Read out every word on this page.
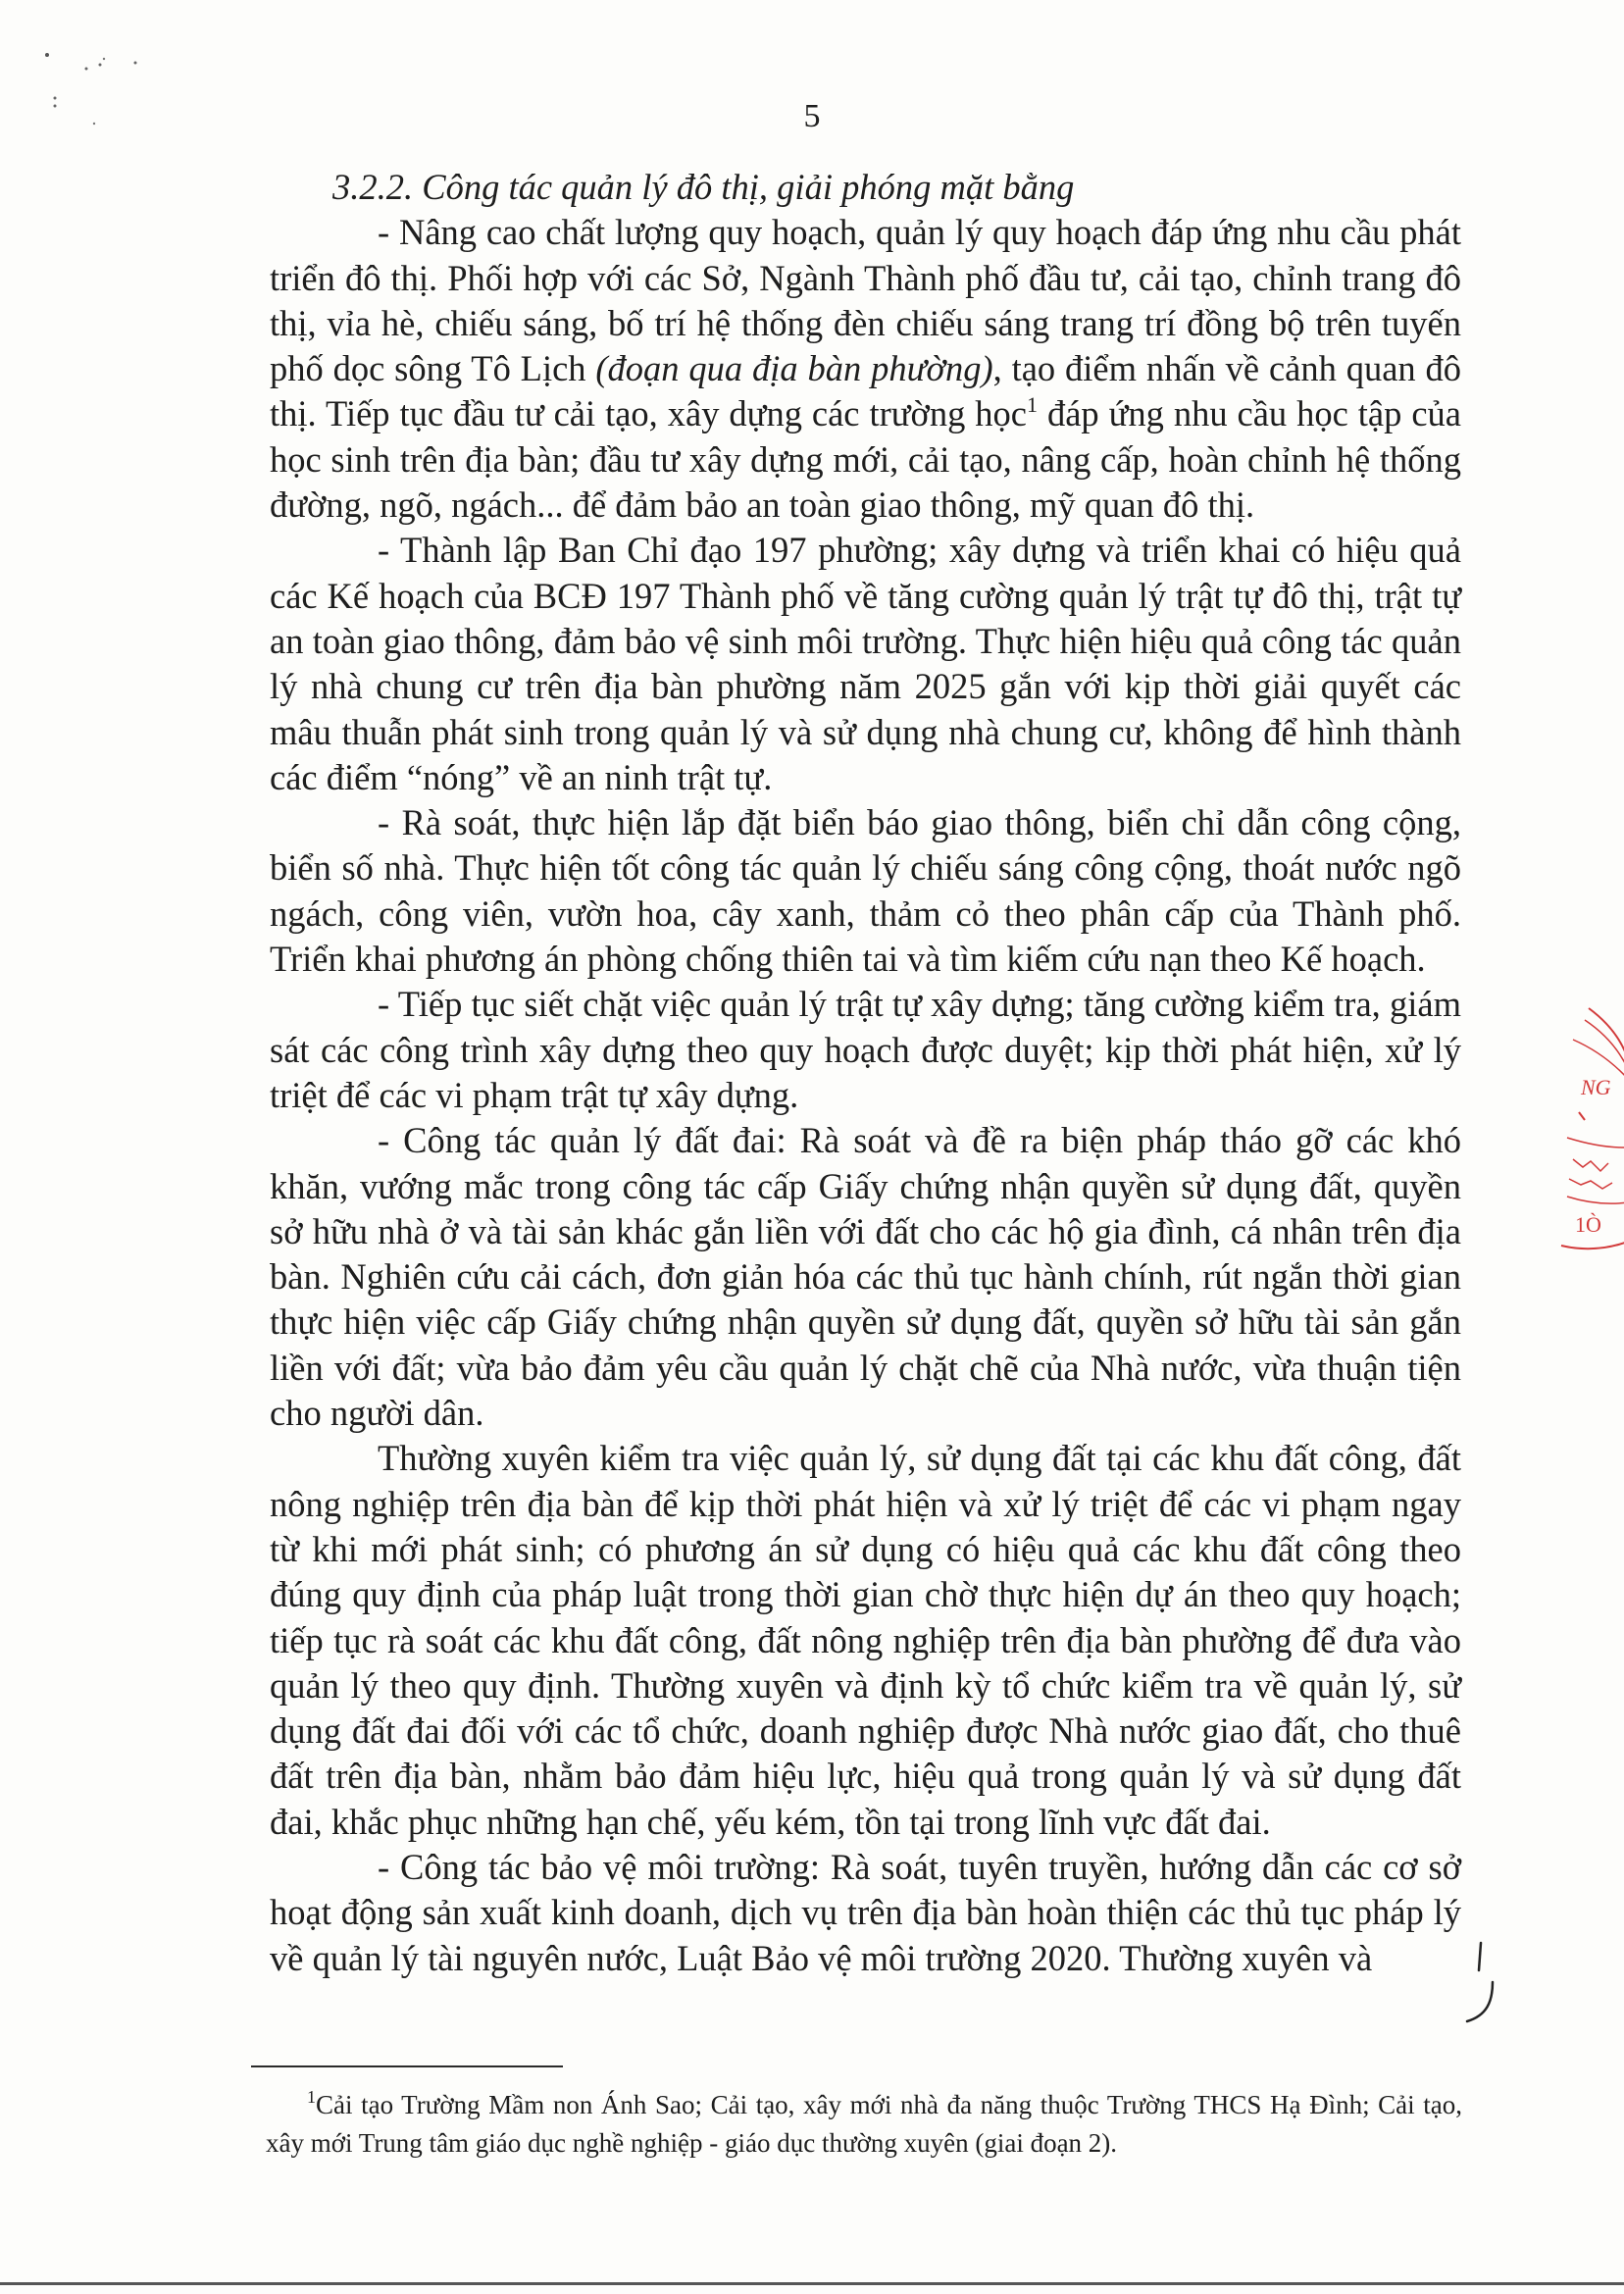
5

3.2.2. Công tác quản lý đô thị, giải phóng mặt bằng

- Nâng cao chất lượng quy hoạch, quản lý quy hoạch đáp ứng nhu cầu phát triển đô thị. Phối hợp với các Sở, Ngành Thành phố đầu tư, cải tạo, chỉnh trang đô thị, vỉa hè, chiếu sáng, bố trí hệ thống đèn chiếu sáng trang trí đồng bộ trên tuyến phố dọc sông Tô Lịch (đoạn qua địa bàn phường), tạo điểm nhấn về cảnh quan đô thị. Tiếp tục đầu tư cải tạo, xây dựng các trường học$^1$ đáp ứng nhu cầu học tập của học sinh trên địa bàn; đầu tư xây dựng mới, cải tạo, nâng cấp, hoàn chỉnh hệ thống đường, ngõ, ngách... để đảm bảo an toàn giao thông, mỹ quan đô thị.

- Thành lập Ban Chỉ đạo 197 phường; xây dựng và triển khai có hiệu quả các Kế hoạch của BCĐ 197 Thành phố về tăng cường quản lý trật tự đô thị, trật tự an toàn giao thông, đảm bảo vệ sinh môi trường. Thực hiện hiệu quả công tác quản lý nhà chung cư trên địa bàn phường năm 2025 gắn với kịp thời giải quyết các mâu thuẫn phát sinh trong quản lý và sử dụng nhà chung cư, không để hình thành các điểm “nóng” về an ninh trật tự.

- Rà soát, thực hiện lắp đặt biển báo giao thông, biển chỉ dẫn công cộng, biển số nhà. Thực hiện tốt công tác quản lý chiếu sáng công cộng, thoát nước ngõ ngách, công viên, vườn hoa, cây xanh, thảm cỏ theo phân cấp của Thành phố. Triển khai phương án phòng chống thiên tai và tìm kiếm cứu nạn theo Kế hoạch.

- Tiếp tục siết chặt việc quản lý trật tự xây dựng; tăng cường kiểm tra, giám sát các công trình xây dựng theo quy hoạch được duyệt; kịp thời phát hiện, xử lý triệt để các vi phạm trật tự xây dựng.

- Công tác quản lý đất đai: Rà soát và đề ra biện pháp tháo gỡ các khó khăn, vướng mắc trong công tác cấp Giấy chứng nhận quyền sử dụng đất, quyền sở hữu nhà ở và tài sản khác gắn liền với đất cho các hộ gia đình, cá nhân trên địa bàn. Nghiên cứu cải cách, đơn giản hóa các thủ tục hành chính, rút ngắn thời gian thực hiện việc cấp Giấy chứng nhận quyền sử dụng đất, quyền sở hữu tài sản gắn liền với đất; vừa bảo đảm yêu cầu quản lý chặt chẽ của Nhà nước, vừa thuận tiện cho người dân.

Thường xuyên kiểm tra việc quản lý, sử dụng đất tại các khu đất công, đất nông nghiệp trên địa bàn để kịp thời phát hiện và xử lý triệt để các vi phạm ngay từ khi mới phát sinh; có phương án sử dụng có hiệu quả các khu đất công theo đúng quy định của pháp luật trong thời gian chờ thực hiện dự án theo quy hoạch; tiếp tục rà soát các khu đất công, đất nông nghiệp trên địa bàn phường để đưa vào quản lý theo quy định. Thường xuyên và định kỳ tổ chức kiểm tra về quản lý, sử dụng đất đai đối với các tổ chức, doanh nghiệp được Nhà nước giao đất, cho thuê đất trên địa bàn, nhằm bảo đảm hiệu lực, hiệu quả trong quản lý và sử dụng đất đai, khắc phục những hạn chế, yếu kém, tồn tại trong lĩnh vực đất đai.

- Công tác bảo vệ môi trường: Rà soát, tuyên truyền, hướng dẫn các cơ sở hoạt động sản xuất kinh doanh, dịch vụ trên địa bàn hoàn thiện các thủ tục pháp lý về quản lý tài nguyên nước, Luật Bảo vệ môi trường 2020. Thường xuyên và

NG
1Ò
$^1$Cải tạo Trường Mầm non Ánh Sao; Cải tạo, xây mới nhà đa năng thuộc Trường THCS Hạ Đình; Cải tạo, xây mới Trung tâm giáo dục nghề nghiệp - giáo dục thường xuyên (giai đoạn 2).
